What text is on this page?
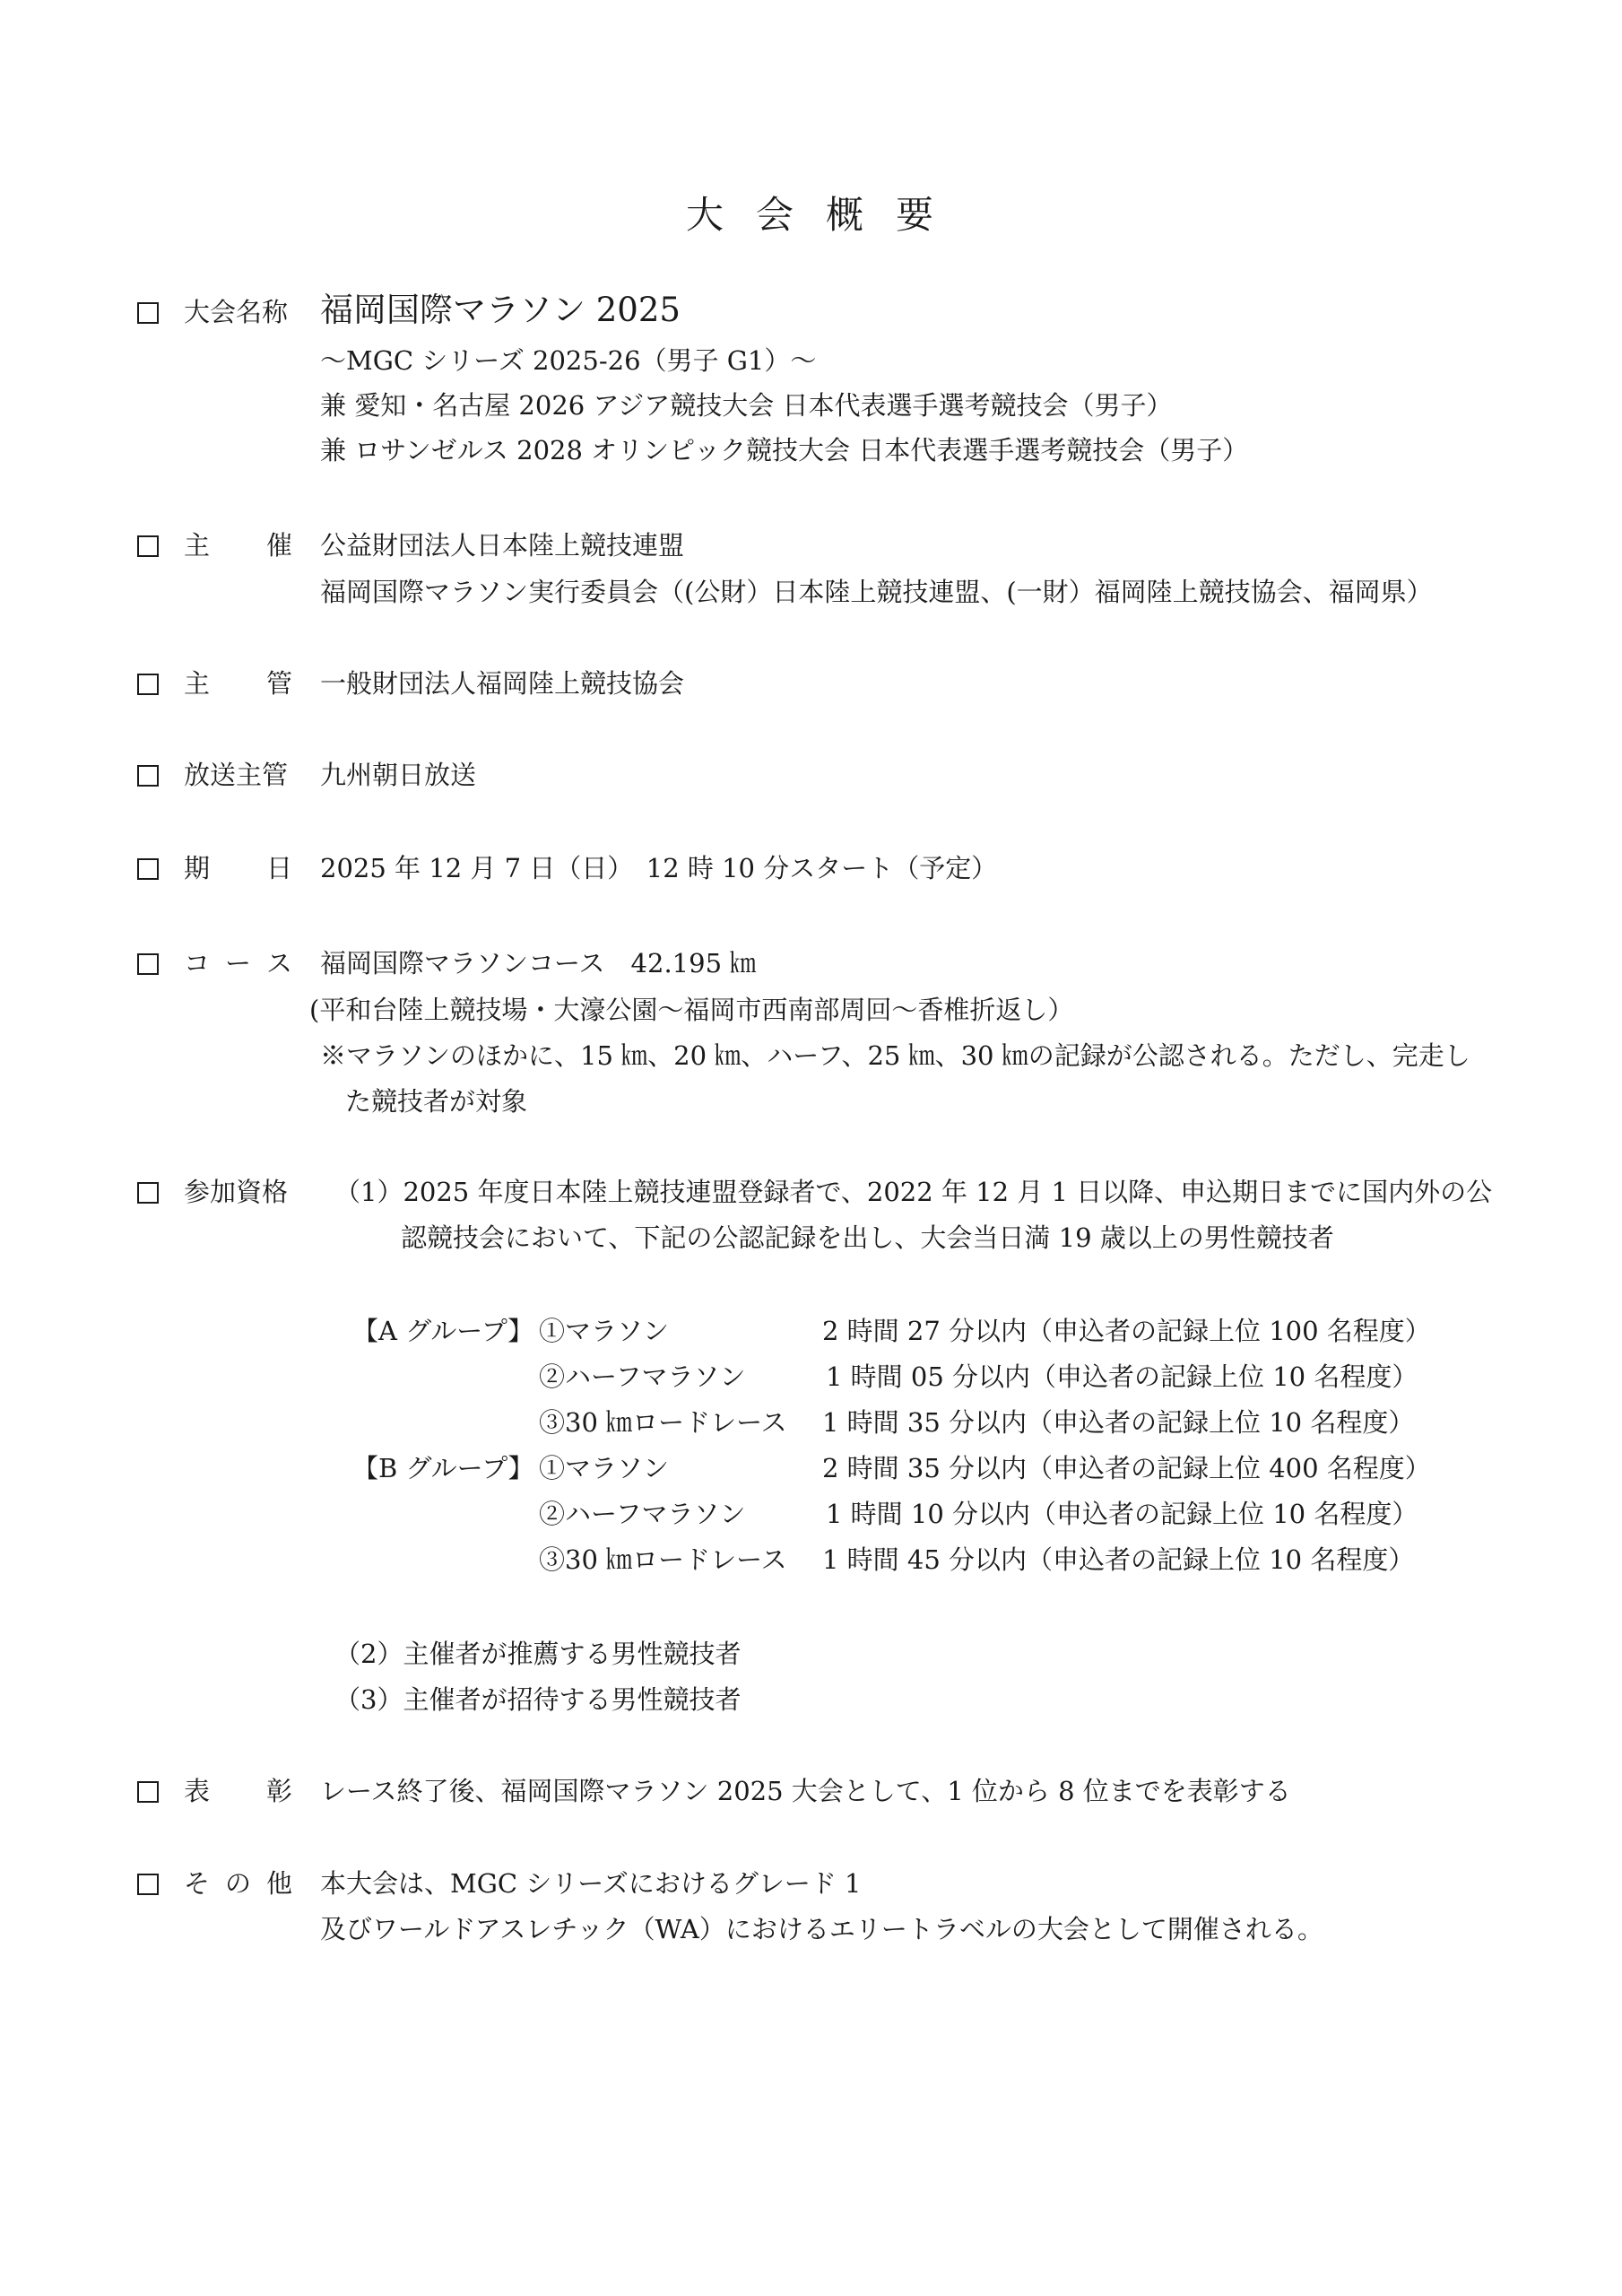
大 会 概 要
大会名称 福岡国際マラソン 2025
～MGC シリーズ 2025-26（男子 G1）～
兼 愛知・名古屋 2026 アジア競技大会 日本代表選手選考競技会（男子）
兼 ロサンゼルス 2028 オリンピック競技大会 日本代表選手選考競技会（男子）
主 催 公益財団法人日本陸上競技連盟
福岡国際マラソン実行委員会（(公財）日本陸上競技連盟、(一財）福岡陸上競技協会、福岡県）
主 管 一般財団法人福岡陸上競技協会
放送主管 九州朝日放送
期 日 2025 年 12 月 7 日（日）　12 時 10 分スタート（予定）
コ ー ス 福岡国際マラソンコース　42.195 ㎞
(平和台陸上競技場・大濠公園～福岡市西南部周回～香椎折返し）
※マラソンのほかに、15 ㎞、20 ㎞、ハーフ、25 ㎞、30 ㎞の記録が公認される。ただし、完走し
た競技者が対象
参加資格 （1）2025 年度日本陸上競技連盟登録者で、2022 年 12 月 1 日以降、申込期日までに国内外の公
認競技会において、下記の公認記録を出し、大会当日満 19 歳以上の男性競技者
【A グループ】 ①マラソン	2 時間 27 分以内（申込者の記録上位 100 名程度）
②ハーフマラソン	1 時間 05 分以内（申込者の記録上位 10 名程度）
③30 ㎞ロードレース 1 時間 35 分以内（申込者の記録上位 10 名程度）
【B グループ】 ①マラソン	2 時間 35 分以内（申込者の記録上位 400 名程度）
②ハーフマラソン	1 時間 10 分以内（申込者の記録上位 10 名程度）
③30 ㎞ロードレース 1 時間 45 分以内（申込者の記録上位 10 名程度）
（2）主催者が推薦する男性競技者
（3）主催者が招待する男性競技者
表 彰 レース終了後、福岡国際マラソン 2025 大会として、1 位から 8 位までを表彰する
そ の 他 本大会は、MGC シリーズにおけるグレード 1
及びワールドアスレチック（WA）におけるエリートラベルの大会として開催される。
